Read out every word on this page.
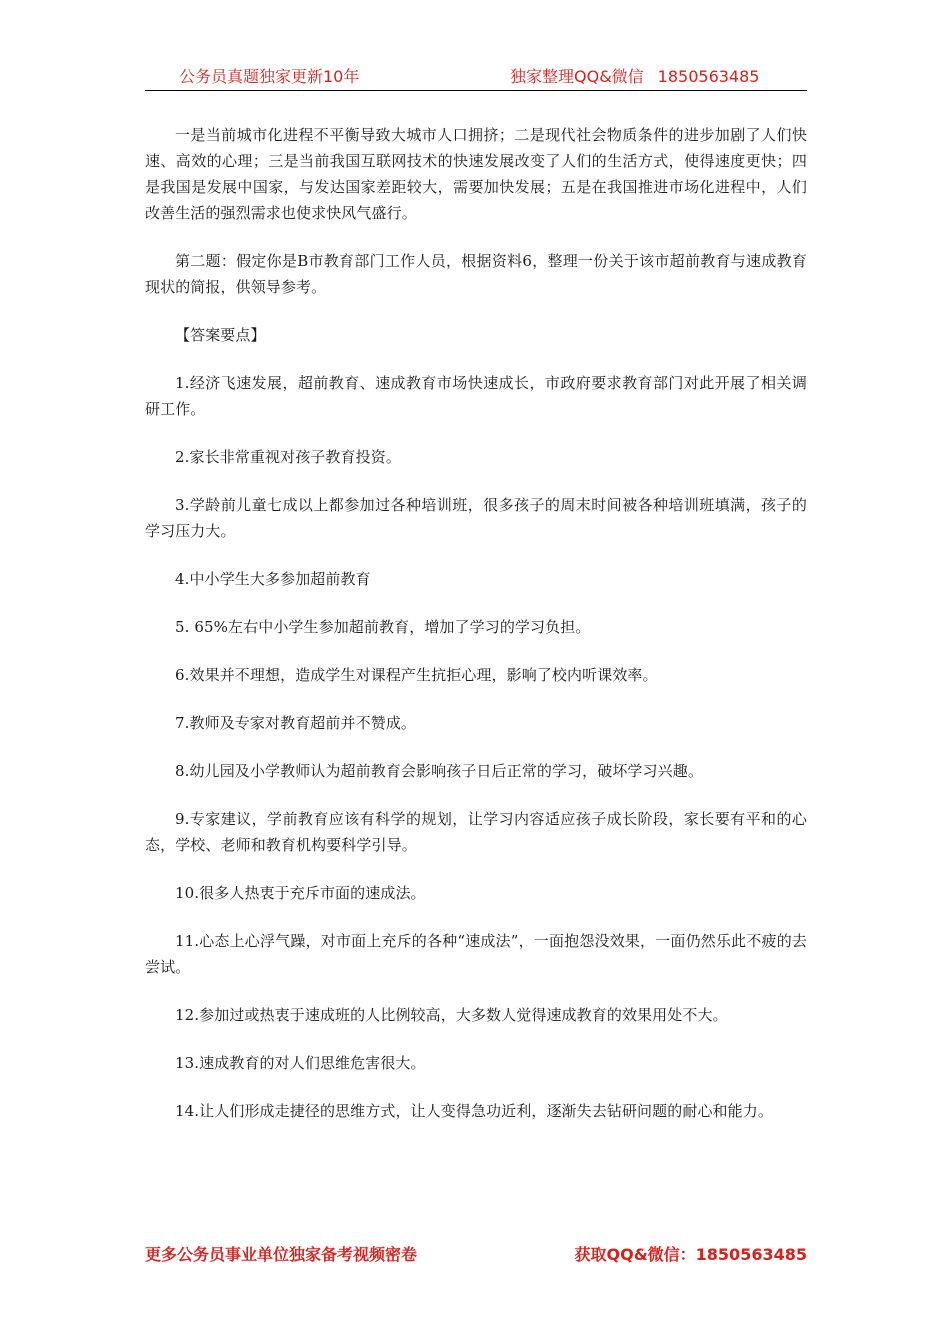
公务员真题独家更新10年	独家整理QQ&微信 1850563485

一是当前城市化进程不平衡导致大城市人口拥挤；二是现代社会物质条件的进步加剧了人们快速、高效的心理；三是当前我国互联网技术的快速发展改变了人们的生活方式，使得速度更快；四是我国是发展中国家，与发达国家差距较大，需要加快发展；五是在我国推进市场化进程中，人们改善生活的强烈需求也使求快风气盛行。

第二题：假定你是B市教育部门工作人员，根据资料6，整理一份关于该市超前教育与速成教育现状的简报，供领导参考。

【答案要点】

1.经济飞速发展，超前教育、速成教育市场快速成长，市政府要求教育部门对此开展了相关调研工作。

2.家长非常重视对孩子教育投资。

3.学龄前儿童七成以上都参加过各种培训班，很多孩子的周末时间被各种培训班填满，孩子的学习压力大。

4.中小学生大多参加超前教育

5. 65%左右中小学生参加超前教育，增加了学习的学习负担。

6.效果并不理想，造成学生对课程产生抗拒心理，影响了校内听课效率。

7.教师及专家对教育超前并不赞成。

8.幼儿园及小学教师认为超前教育会影响孩子日后正常的学习，破坏学习兴趣。

9.专家建议，学前教育应该有科学的规划，让学习内容适应孩子成长阶段，家长要有平和的心态，学校、老师和教育机构要科学引导。

10.很多人热衷于充斥市面的速成法。

11.心态上心浮气躁，对市面上充斥的各种“速成法”，一面抱怨没效果，一面仍然乐此不疲的去尝试。

12.参加过或热衷于速成班的人比例较高，大多数人觉得速成教育的效果用处不大。

13.速成教育的对人们思维危害很大。

14.让人们形成走捷径的思维方式，让人变得急功近利，逐渐失去钻研问题的耐心和能力。

更多公务员事业单位独家备考视频密卷	获取QQ&微信：1850563485
